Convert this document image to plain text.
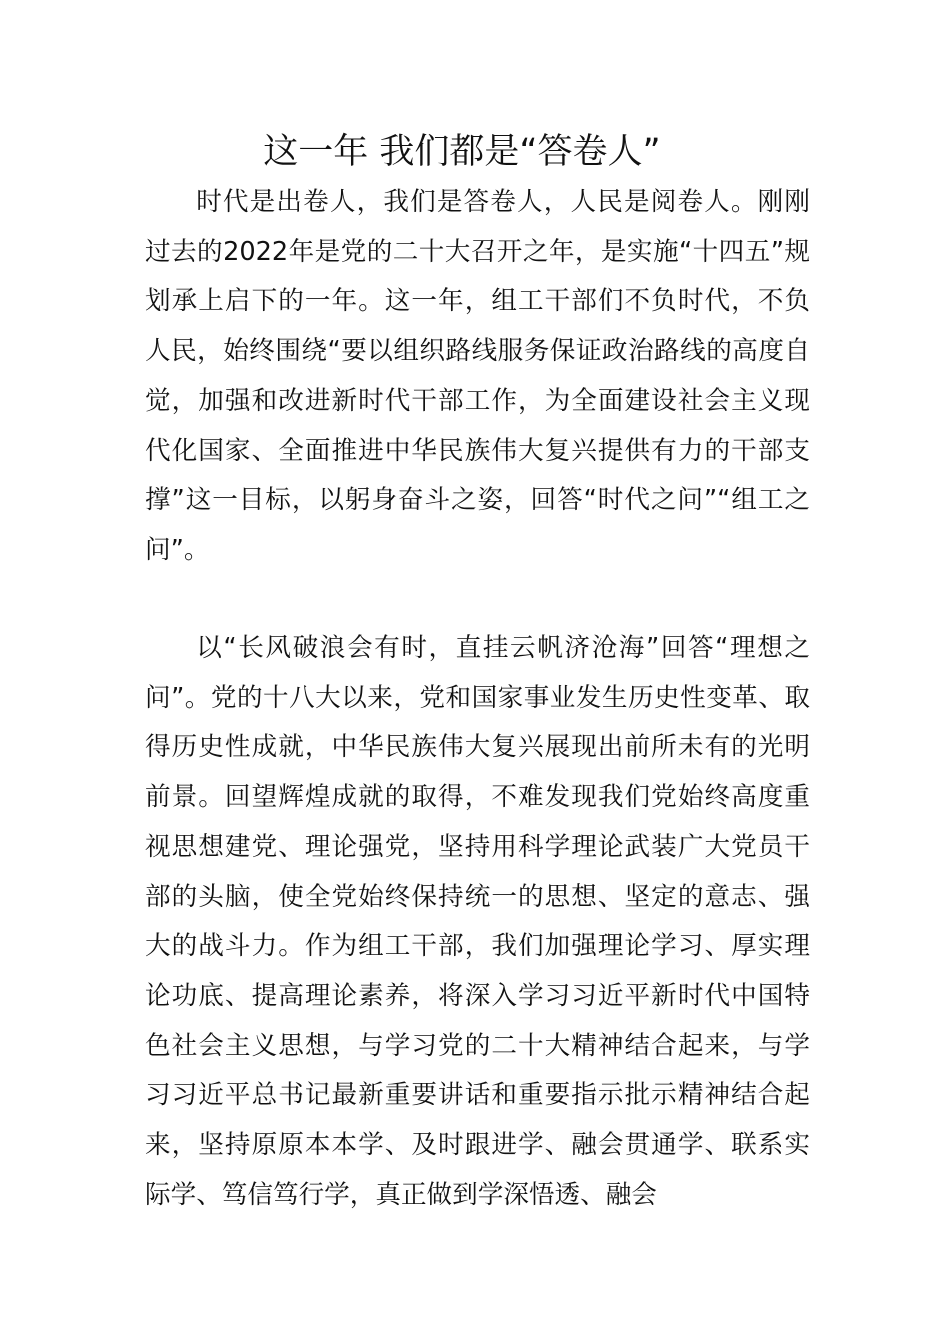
这一年 我们都是“答卷人”

时代是出卷人，我们是答卷人，人民是阅卷人。刚刚过去的2022年是党的二十大召开之年，是实施“十四五”规划承上启下的一年。这一年，组工干部们不负时代，不负人民，始终围绕“要以组织路线服务保证政治路线的高度自觉，加强和改进新时代干部工作，为全面建设社会主义现代化国家、全面推进中华民族伟大复兴提供有力的干部支撑”这一目标，以躬身奋斗之姿，回答“时代之问”“组工之问”。

以“长风破浪会有时，直挂云帆济沧海”回答“理想之问”。党的十八大以来，党和国家事业发生历史性变革、取得历史性成就，中华民族伟大复兴展现出前所未有的光明前景。回望辉煌成就的取得，不难发现我们党始终高度重视思想建党、理论强党，坚持用科学理论武装广大党员干部的头脑，使全党始终保持统一的思想、坚定的意志、强大的战斗力。作为组工干部，我们加强理论学习、厚实理论功底、提高理论素养，将深入学习习近平新时代中国特色社会主义思想，与学习党的二十大精神结合起来，与学习习近平总书记最新重要讲话和重要指示批示精神结合起来，坚持原原本本学、及时跟进学、融会贯通学、联系实际学、笃信笃行学，真正做到学深悟透、融会
